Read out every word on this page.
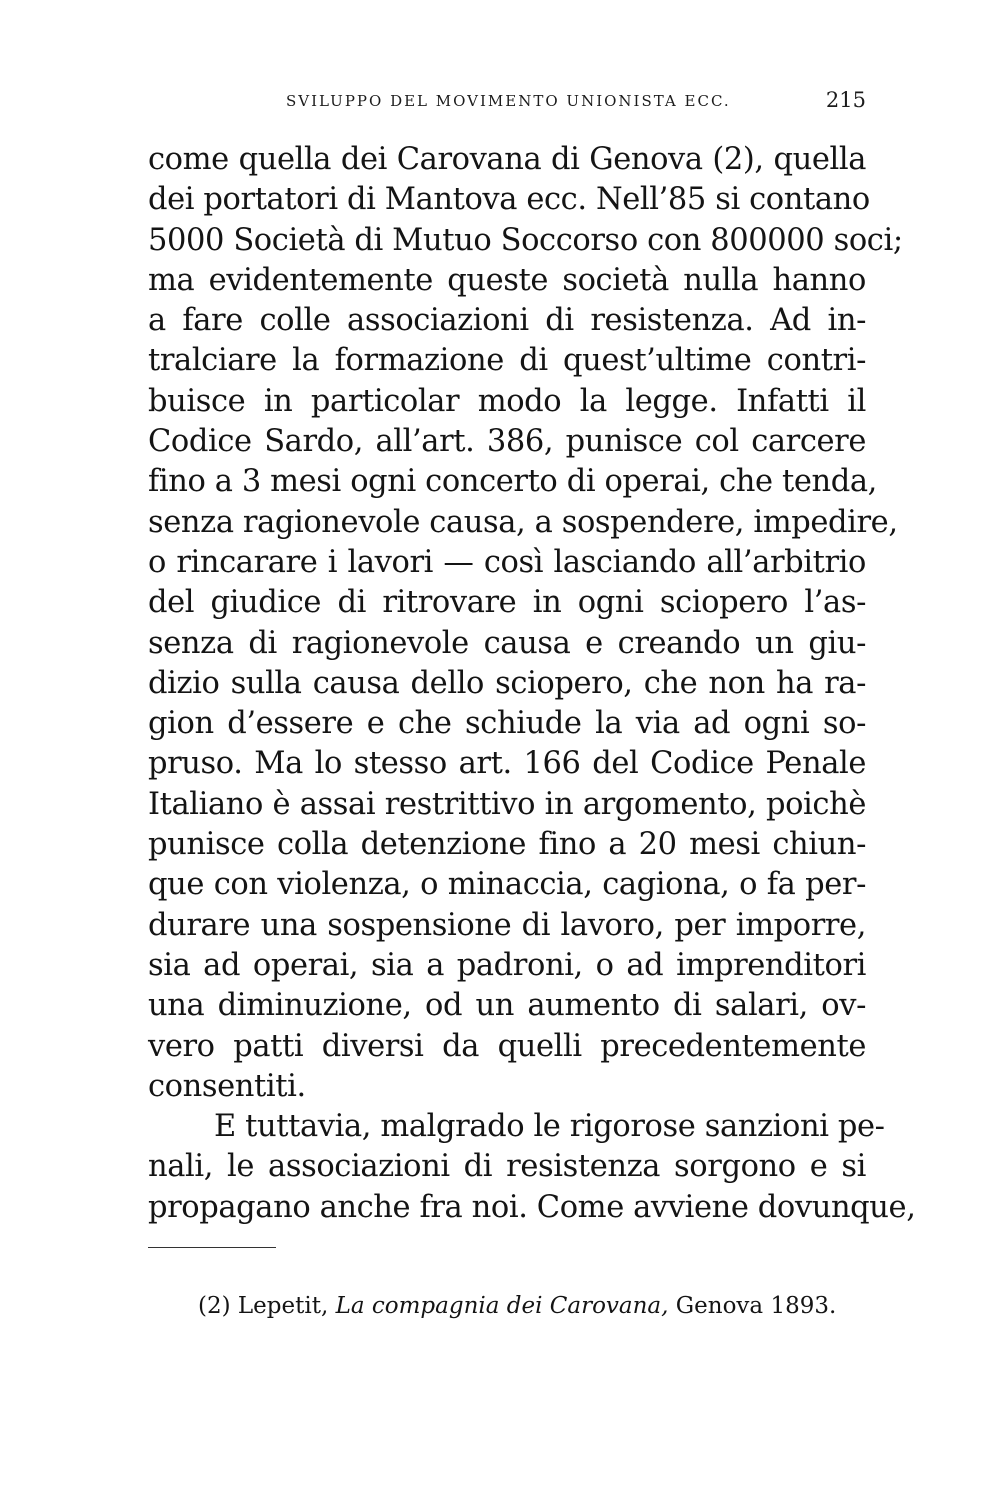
SVILUPPO DEL MOVIMENTO UNIONISTA ECC.	215
come quella dei Carovana di Genova (2), quella
dei portatori di Mantova ecc. Nell’85 si contano
5000 Società di Mutuo Soccorso con 800000 soci;
ma evidentemente queste società nulla hanno
a fare colle associazioni di resistenza. Ad in-
tralciare la formazione di quest’ultime contri-
buisce in particolar modo la legge. Infatti il
Codice Sardo, all’art. 386, punisce col carcere
fino a 3 mesi ogni concerto di operai, che tenda,
senza ragionevole causa, a sospendere, impedire,
o rincarare i lavori — così lasciando all’arbitrio
del giudice di ritrovare in ogni sciopero l’as-
senza di ragionevole causa e creando un giu-
dizio sulla causa dello sciopero, che non ha ra-
gion d’essere e che schiude la via ad ogni so-
pruso. Ma lo stesso art. 166 del Codice Penale
Italiano è assai restrittivo in argomento, poichè
punisce colla detenzione fino a 20 mesi chiun-
que con violenza, o minaccia, cagiona, o fa per-
durare una sospensione di lavoro, per imporre,
sia ad operai, sia a padroni, o ad imprenditori
una diminuzione, od un aumento di salari, ov-
vero patti diversi da quelli precedentemente
consentiti.
E tuttavia, malgrado le rigorose sanzioni pe-
nali, le associazioni di resistenza sorgono e si
propagano anche fra noi. Come avviene dovunque,
(2) Lepetit, La compagnia dei Carovana, Genova 1893.
